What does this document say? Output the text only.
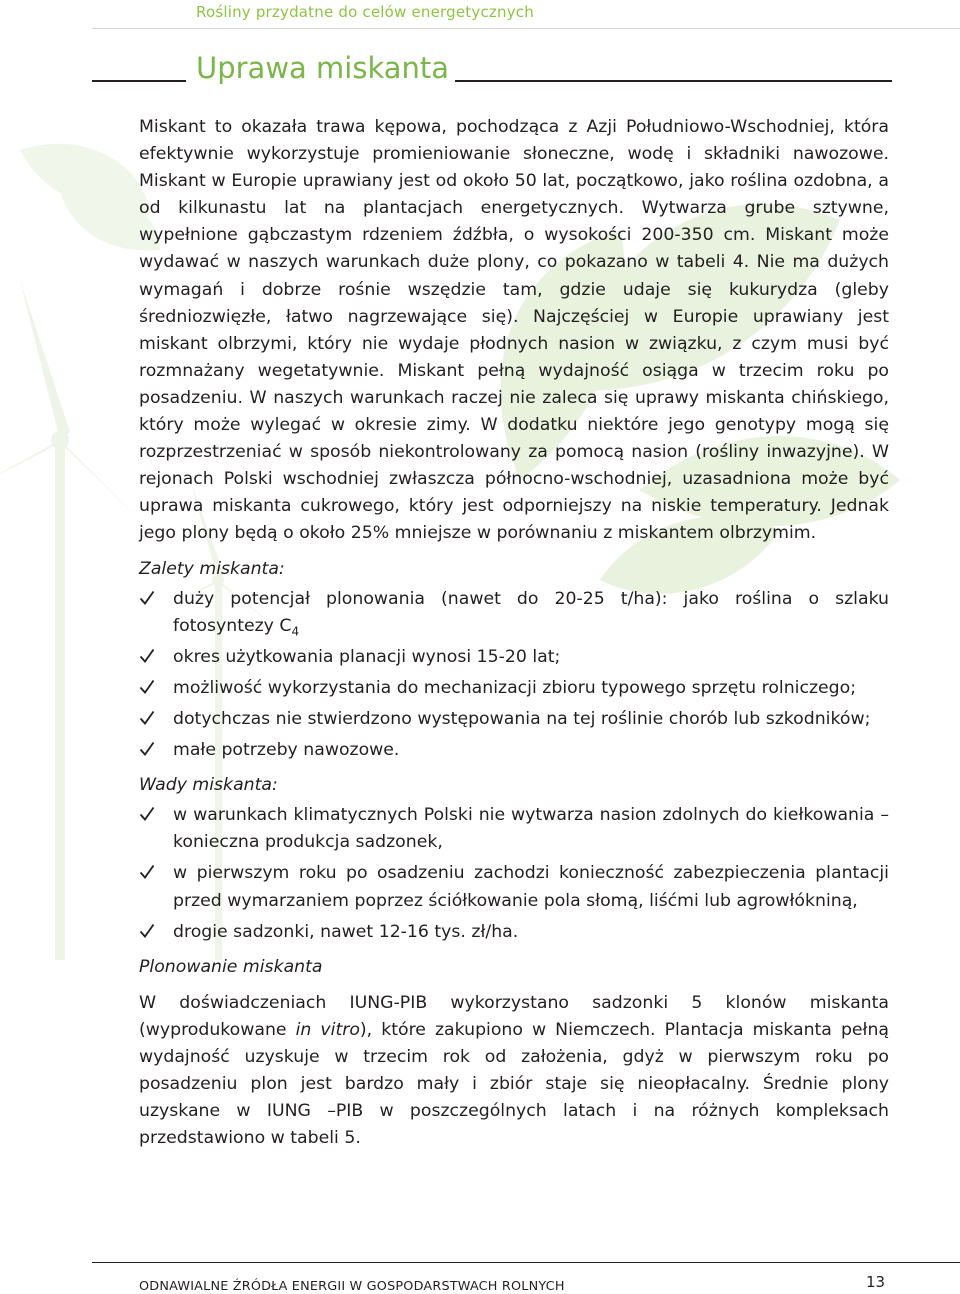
Rośliny przydatne do celów energetycznych
Uprawa miskanta

Miskant to okazała trawa kępowa, pochodząca z Azji Południowo-Wschodniej, która efektywnie wykorzystuje promieniowanie słoneczne, wodę i składniki nawozowe. Miskant w Europie uprawiany jest od około 50 lat, początkowo, jako roślina ozdobna, a od kilkunastu lat na plantacjach energetycznych. Wytwarza grube sztywne, wypełnione gąbczastym rdzeniem źdźbła, o wysokości 200-350 cm. Miskant może wydawać w naszych warunkach duże plony, co pokazano w tabeli 4. Nie ma dużych wymagań i dobrze rośnie wszędzie tam, gdzie udaje się kukurydza (gleby średniozwięzłe, łatwo nagrzewające się). Najczęściej w Europie uprawiany jest miskant olbrzymi, który nie wydaje płodnych nasion w związku, z czym musi być rozmnażany wegetatywnie. Miskant pełną wydajność osiąga w trzecim roku po posadzeniu. W naszych warunkach raczej nie zaleca się uprawy miskanta chińskiego, który może wylegać w okresie zimy. W dodatku niektóre jego genotypy mogą się rozprzestrzeniać w sposób niekontrolowany za pomocą nasion (rośliny inwazyjne). W rejonach Polski wschodniej zwłaszcza północno-wschodniej, uzasadniona może być uprawa miskanta cukrowego, który jest odporniejszy na niskie temperatury. Jednak jego plony będą o około 25% mniejsze w porównaniu z miskantem olbrzymim.

Zalety miskanta:
duży potencjał plonowania (nawet do 20-25 t/ha): jako roślina o szlaku fotosyntezy $C_4$
okres użytkowania planacji wynosi 15-20 lat;
możliwość wykorzystania do mechanizacji zbioru typowego sprzętu rolniczego;
dotychczas nie stwierdzono występowania na tej roślinie chorób lub szkodników;
małe potrzeby nawozowe.
Wady miskanta:
w warunkach klimatycznych Polski nie wytwarza nasion zdolnych do kiełkowania – konieczna produkcja sadzonek,
w pierwszym roku po osadzeniu zachodzi konieczność zabezpieczenia plantacji przed wymarzaniem poprzez ściółkowanie pola słomą, liśćmi lub agrowłókniną,
drogie sadzonki, nawet 12-16 tys. zł/ha.
Plonowanie miskanta

W doświadczeniach IUNG-PIB wykorzystano sadzonki 5 klonów miskanta (wyprodukowane in vitro), które zakupiono w Niemczech. Plantacja miskanta pełną wydajność uzyskuje w trzecim rok od założenia, gdyż w pierwszym roku po posadzeniu plon jest bardzo mały i zbiór staje się nieopłacalny. Średnie plony uzyskane w IUNG –PIB w poszczególnych latach i na różnych kompleksach przedstawiono w tabeli 5.

ODNAWIALNE ŹRÓDŁA ENERGII W GOSPODARSTWACH ROLNYCH	13
